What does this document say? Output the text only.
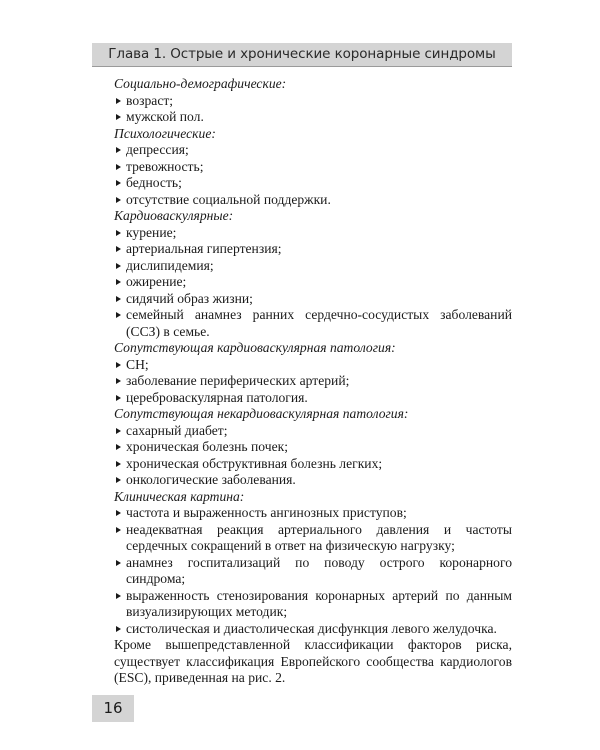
Глава 1. Острые и хронические коронарные синдромы

Социально-демографические:

возраст;
мужской пол.

Психологические:

депрессия;
тревожность;
бедность;
отсутствие социальной поддержки.

Кардиоваскулярные:

курение;
артериальная гипертензия;
дислипидемия;
ожирение;
сидячий образ жизни;
семейный анамнез ранних сердечно-сосудистых заболеваний (ССЗ) в семье.

Сопутствующая кардиоваскулярная патология:

СН;
заболевание периферических артерий;
цереброваскулярная патология.

Сопутствующая некардиоваскулярная патология:

сахарный диабет;
хроническая болезнь почек;
хроническая обструктивная болезнь легких;
онкологические заболевания.

Клиническая картина:

частота и выраженность ангинозных приступов;
неадекватная реакция артериального давления и частоты сердечных сокращений в ответ на физическую нагрузку;
анамнез госпитализаций по поводу острого коронарного синдрома;
выраженность стенозирования коронарных артерий по данным визуализирующих методик;
систолическая и диастолическая дисфункция левого желудочка.

Кроме вышепредставленной классификации факторов риска, существует классификация Европейского сообщества кардиологов (ESC), приведенная на рис. 2.

16
